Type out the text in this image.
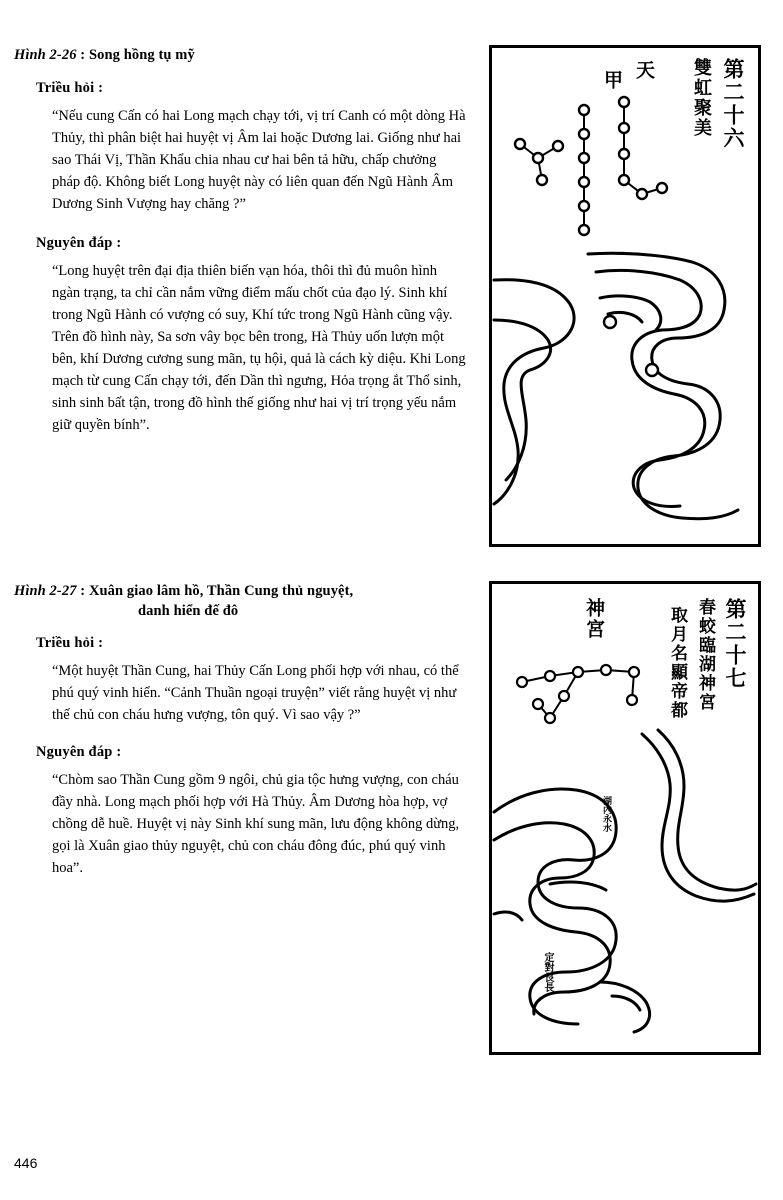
Hình 2-26 : Song hồng tụ mỹ
Triều hỏi :

“Nếu cung Cấn có hai Long mạch chạy tới, vị trí Canh có một dòng Hà Thủy, thì phân biệt hai huyệt vị Âm lai hoặc Dương lai. Giống như hai sao Thái Vị, Thần Khẩu chia nhau cư hai bên tả hữu, chấp chưởng pháp độ. Không biết Long huyệt này có liên quan đến Ngũ Hành Âm Dương Sinh Vượng hay chăng ?”

Nguyên đáp :

“Long huyệt trên đại địa thiên biến vạn hóa, thôi thì đủ muôn hình ngàn trạng, ta chỉ cần nắm vững điểm mấu chốt của đạo lý. Sinh khí trong Ngũ Hành có vượng có suy, Khí tức trong Ngũ Hành cũng vậy. Trên đồ hình này, Sa sơn vây bọc bên trong, Hà Thủy uốn lượn một bên, khí Dương cương sung mãn, tụ hội, quả là cách kỳ diệu. Khi Long mạch từ cung Cấn chạy tới, đến Dần thì ngưng, Hỏa trọng ắt Thổ sinh, sinh sinh bất tận, trong đồ hình thế giống như hai vị trí trọng yếu nắm giữ quyền bính”.

Hình 2-27 : Xuân giao lâm hồ, Thần Cung thủ nguyệt,
danh hiển đế đô
Triều hỏi :

“Một huyệt Thần Cung, hai Thủy Cấn Long phối hợp với nhau, có thể phú quý vinh hiển. “Cảnh Thuần ngoại truyện” viết rằng huyệt vị như thế chủ con cháu hưng vượng, tôn quý. Vì sao vậy ?”

Nguyên đáp :

“Chòm sao Thần Cung gồm 9 ngôi, chủ gia tộc hưng vượng, con cháu đầy nhà. Long mạch phối hợp với Hà Thủy. Âm Dương hòa hợp, vợ chồng dễ huề. Huyệt vị này Sinh khí sung mãn, lưu động không dừng, gọi là Xuân giao thủy nguyệt, chủ con cháu đông đúc, phú quý vinh hoa”.

第二十六
雙虹聚美
天
甲
第二十七
春蛟臨湖神宮
取月名顯帝都
神宮
湖內永水
定對艮長
446
